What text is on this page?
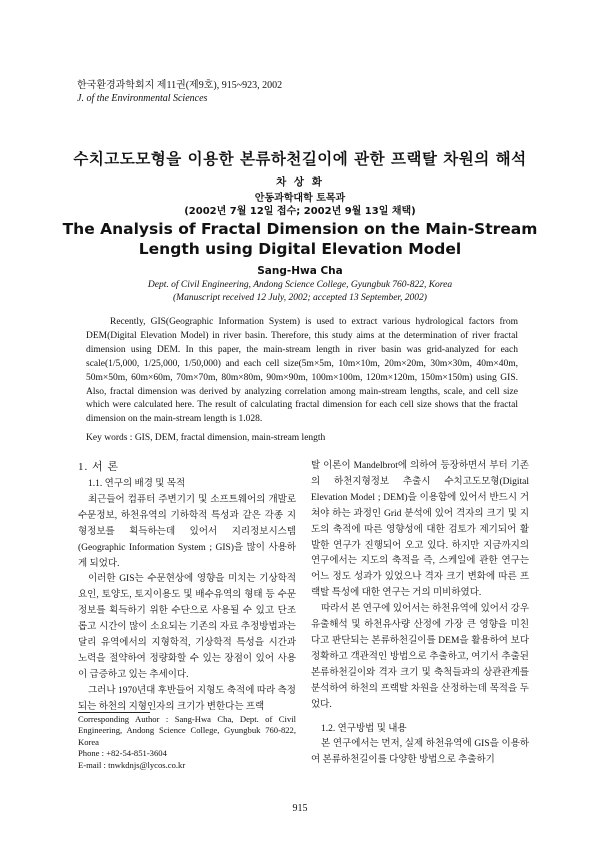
한국환경과학회지 제11권(제9호), 915~923, 2002
J. of the Environmental Sciences
수치고도모형을 이용한 본류하천길이에 관한 프랙탈 차원의 해석
차 상 화
안동과학대학 토목과
(2002년 7월 12일 접수; 2002년 9월 13일 채택)
The Analysis of Fractal Dimension on the Main-Stream
Length using Digital Elevation Model
Sang-Hwa Cha
Dept. of Civil Engineering, Andong Science College, Gyungbuk 760-822, Korea
(Manuscript received 12 July, 2002; accepted 13 September, 2002)

Recently, GIS(Geographic Information System) is used to extract various hydrological factors from DEM(Digital Elevation Model) in river basin. Therefore, this study aims at the determination of river fractal dimension using DEM. In this paper, the main-stream length in river basin was grid-analyzed for each scale(1/5,000, 1/25,000, 1/50,000) and each cell size(5m×5m, 10m×10m, 20m×20m, 30m×30m, 40m×40m, 50m×50m, 60m×60m, 70m×70m, 80m×80m, 90m×90m, 100m×100m, 120m×120m, 150m×150m) using GIS. Also, fractal dimension was derived by analyzing correlation among main-stream lengths, scale, and cell size which were calculated here. The result of calculating fractal dimension for each cell size shows that the fractal dimension on the main-stream length is 1.028.

Key words : GIS, DEM, fractal dimension, main-stream length
1. 서 론
1.1. 연구의 배경 및 목적

최근들어 컴퓨터 주변기기 및 소프트웨어의 개발로 수문정보, 하천유역의 기하학적 특성과 같은 각종 지형정보를 획득하는데 있어서 지리정보시스템(Geographic Information System ; GIS)을 많이 사용하게 되었다.

이러한 GIS는 수문현상에 영향을 미치는 기상학적 요인, 토양도, 토지이용도 및 배수유역의 형태 등 수문정보를 획득하기 위한 수단으로 사용될 수 있고 단조롭고 시간이 많이 소요되는 기존의 자료 추정방법과는 달리 유역에서의 지형학적, 기상학적 특성을 시간과 노력을 절약하여 정량화할 수 있는 장점이 있어 사용이 급증하고 있는 추세이다.

그러나 1970년대 후반들어 지형도 축적에 따라 측정되는 하천의 지형인자의 크기가 변한다는 프랙

Corresponding Author : Sang-Hwa Cha, Dept. of Civil Engineering, Andong Science College, Gyungbuk 760-822, Korea
Phone : +82-54-851-3604
E-mail : tnwkdnjs@lycos.co.kr

탈 이론이 Mandelbrot에 의하여 등장하면서 부터 기존의 하천지형정보 추출시 수치고도모형(Digital Elevation Model ; DEM)을 이용함에 있어서 반드시 거쳐야 하는 과정인 Grid 분석에 있어 격자의 크기 및 지도의 축적에 따른 영향성에 대한 검토가 제기되어 활발한 연구가 진행되어 오고 있다. 하지만 지금까지의 연구에서는 지도의 축적을 즉, 스케일에 관한 연구는 어느 정도 성과가 있었으나 격자 크기 변화에 따른 프랙탈 특성에 대한 연구는 거의 미비하였다.

따라서 본 연구에 있어서는 하천유역에 있어서 강우유출해석 및 하천유사량 산정에 가장 큰 영향을 미친다고 판단되는 본류하천길이를 DEM을 활용하여 보다 정확하고 객관적인 방법으로 추출하고, 여기서 추출된 본류하천길이와 격자 크기 및 축척들과의 상관관계를 분석하여 하천의 프랙탈 차원을 산정하는데 목적을 두었다.

1.2. 연구방법 및 내용

본 연구에서는 먼저, 실제 하천유역에 GIS을 이용하여 본류하천길이를 다양한 방법으로 추출하기

915
